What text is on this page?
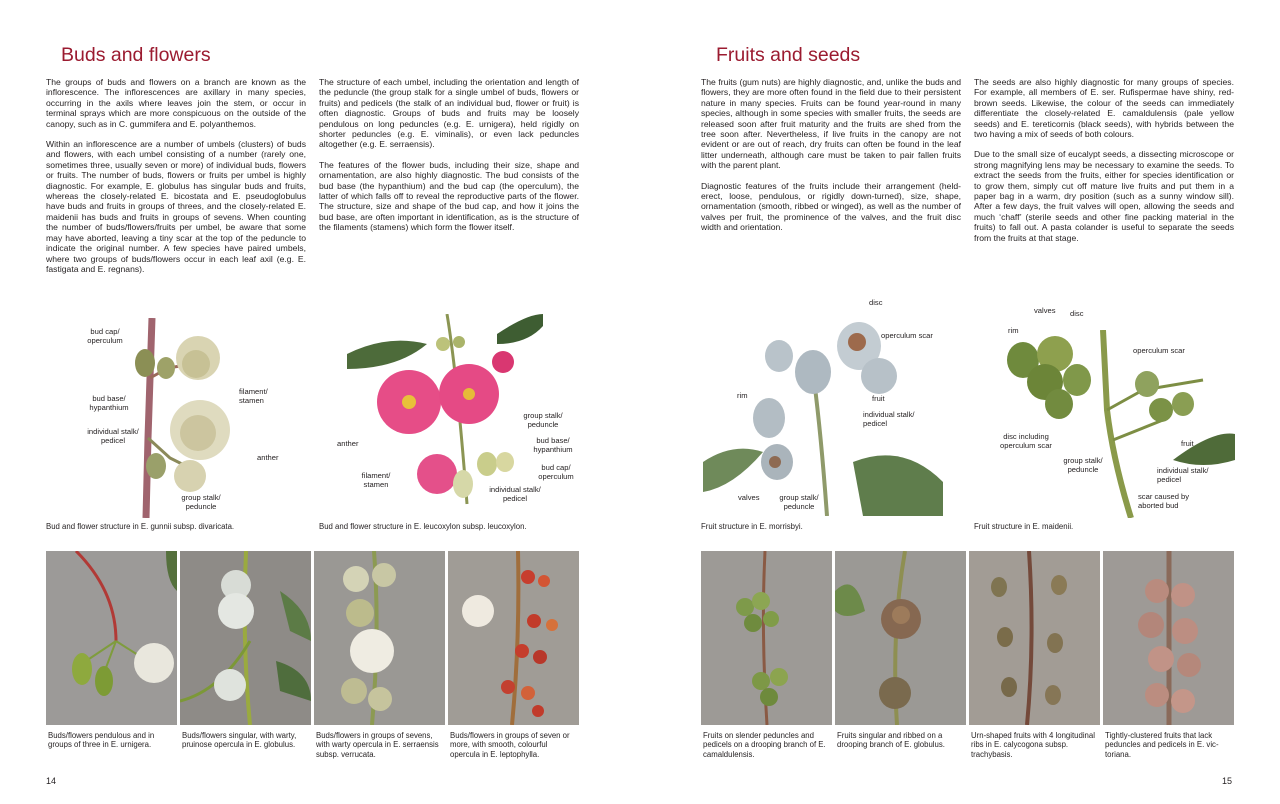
Buds and flowers

The groups of buds and flowers on a branch are known as the inflorescence. The inflorescences are axillary in many species, occurring in the axils where leaves join the stem, or occur in terminal sprays which are more conspicuous on the outside of the canopy, such as in C. gummifera and E. polyanthemos.

Within an inflorescence are a number of umbels (clusters) of buds and flowers, with each umbel consisting of a number (rarely one, sometimes three, usually seven or more) of individual buds, flowers or fruits. The number of buds, flowers or fruits per umbel is highly diagnostic. For example, E. globulus has singular buds and fruits, whereas the closely-related E. bicostata and E. pseudoglobulus have buds and fruits in groups of threes, and the closely-related E. maidenii has buds and fruits in groups of sevens. When counting the number of buds/flowers/fruits per umbel, be aware that some may have aborted, leaving a tiny scar at the top of the peduncle to indicate the original number. A few species have paired umbels, where two groups of buds/flowers occur in each leaf axil (e.g. E. fastigata and E. regnans).

The structure of each umbel, including the orientation and length of the peduncle (the group stalk for a single umbel of buds, flowers or fruits) and pedicels (the stalk of an individual bud, flower or fruit) is often diagnostic. Groups of buds and fruits may be loosely pendulous on long peduncles (e.g. E. urnigera), held rigidly on shorter peduncles (e.g. E. viminalis), or even lack peduncles altogether (e.g. E. serraensis).

The features of the flower buds, including their size, shape and ornamentation, are also highly diagnostic. The bud consists of the bud base (the hypanthium) and the bud cap (the operculum), the latter of which falls off to reveal the reproductive parts of the flower. The structure, size and shape of the bud cap, and how it joins the bud base, are often important in identification, as is the structure of the filaments (stamens) which form the flower itself.

bud cap/
operculum
bud base/
hypanthium
individual stalk/
pedicel
filament/
stamen
anther
group stalk/
peduncle
Bud and flower structure in E. gunnii subsp. divaricata.
group stalk/
peduncle
anther	bud base/
hypanthium
filament/
stamen
bud cap/
operculum
individual stalk/
pedicel
Bud and flower structure in E. leucoxylon subsp. leucoxylon.
Buds/flowers pendulous and in groups of three in E. urnigera.
Buds/flowers singular, with warty, pruinose opercula in E. globulus.
Buds/flowers in groups of sevens, with warty opercula in E. serraensis subsp. verrucata.
Buds/flowers in groups of seven or more, with smooth, colourful opercula in E. leptophylla.
14
Fruits and seeds

The fruits (gum nuts) are highly diagnostic, and, unlike the buds and flowers, they are more often found in the field due to their persistent nature in many species. Fruits can be found year-round in many species, although in some species with smaller fruits, the seeds are released soon after fruit maturity and the fruits are shed from the tree soon after. Nevertheless, if live fruits in the canopy are not evident or are out of reach, dry fruits can often be found in the leaf litter underneath, although care must be taken to pair fallen fruits with the parent plant.

Diagnostic features of the fruits include their arrangement (held-erect, loose, pendulous, or rigidly down-turned), size, shape, ornamentation (smooth, ribbed or winged), as well as the number of valves per fruit, the prominence of the valves, and the fruit disc width and orientation.

The seeds are also highly diagnostic for many groups of species. For example, all members of E. ser. Rufispermae have shiny, red-brown seeds. Likewise, the colour of the seeds can immediately differentiate the closely-related E. camaldulensis (pale yellow seeds) and E. tereticornis (black seeds), with hybrids between the two having a mix of seeds of both colours.

Due to the small size of eucalypt seeds, a dissecting microscope or strong magnifying lens may be necessary to examine the seeds. To extract the seeds from the fruits, either for species identification or to grow them, simply cut off mature live fruits and put them in a paper bag in a warm, dry position (such as a sunny window sill). After a few days, the fruit valves will open, allowing the seeds and much ‘chaff’ (sterile seeds and other fine packing material in the fruits) to fall out. A pasta colander is useful to separate the seeds from the fruits at that stage.

disc
operculum scar
rim	fruit
individual stalk/
pedicel
valves	group stalk/
peduncle
Fruit structure in E. morrisbyi.
valves disc
rim
operculum scar
disc including
operculum scar	fruit
group stalk/
peduncle	individual stalk/
pedicel
scar caused by
aborted bud
Fruit structure in E. maidenii.
Fruits on slender peduncles and pedicels on a drooping branch of E. camaldulensis.
Fruits singular and ribbed on a drooping branch of E. globulus.
Urn-shaped fruits with 4 longitudinal ribs in E. calycogona subsp. trachybasis.
Tightly-clustered fruits that lack peduncles and pedicels in E. victoriana.
15
